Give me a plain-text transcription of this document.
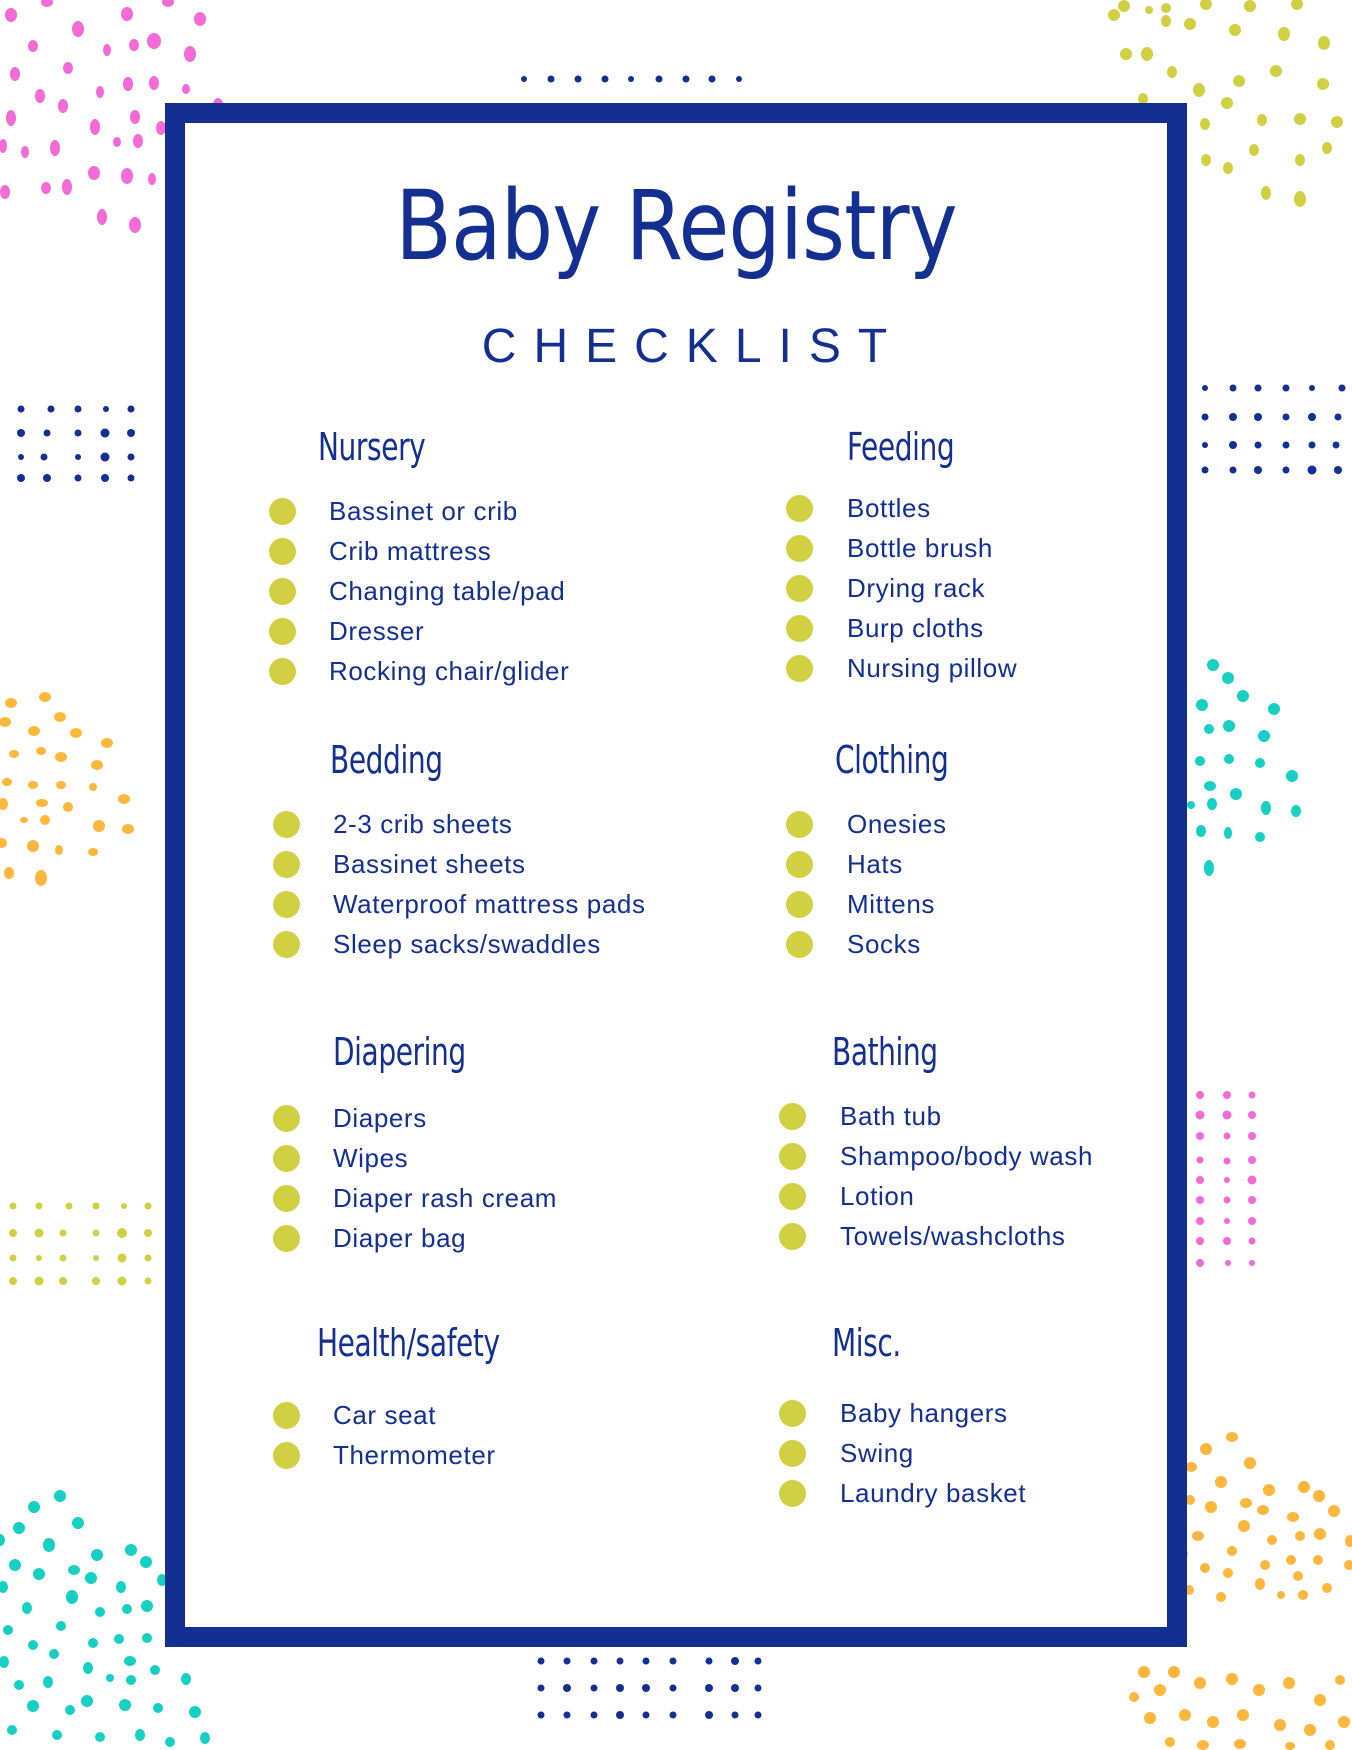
Baby Registry
CHECKLIST
Nursery
Bassinet or crib
Crib mattress
Changing table/pad
Dresser
Rocking chair/glider
Feeding
Bottles
Bottle brush
Drying rack
Burp cloths
Nursing pillow
Bedding
2-3 crib sheets
Bassinet sheets
Waterproof mattress pads
Sleep sacks/swaddles
Clothing
Onesies
Hats
Mittens
Socks
Diapering
Diapers
Wipes
Diaper rash cream
Diaper bag
Bathing
Bath tub
Shampoo/body wash
Lotion
Towels/washcloths
Health/safety
Car seat
Thermometer
Misc.
Baby hangers
Swing
Laundry basket
